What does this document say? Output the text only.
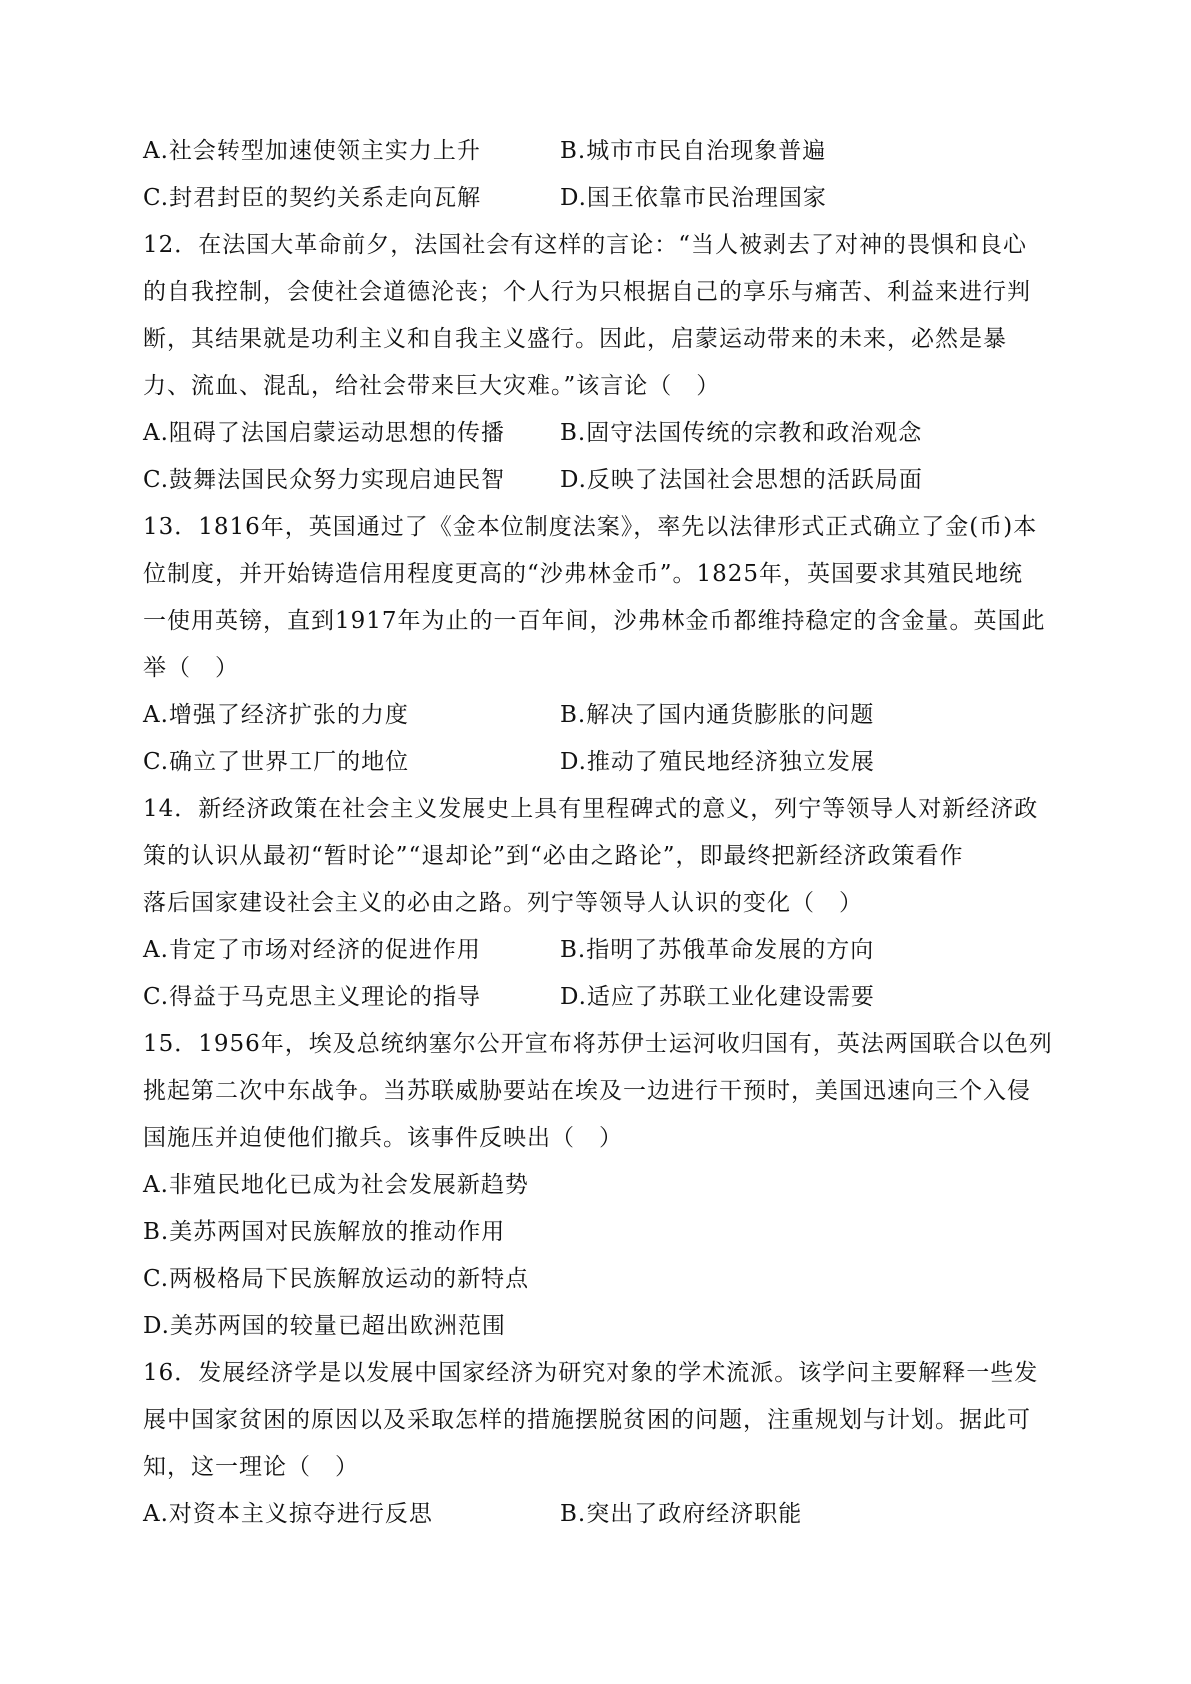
A.社会转型加速使领主实力上升	B.城市市民自治现象普遍
C.封君封臣的契约关系走向瓦解	D.国王依靠市民治理国家
12．在法国大革命前夕，法国社会有这样的言论：“当人被剥去了对神的畏惧和良心
的自我控制，会使社会道德沦丧；个人行为只根据自己的享乐与痛苦、利益来进行判
断，其结果就是功利主义和自我主义盛行。因此，启蒙运动带来的未来，必然是暴
力、流血、混乱，给社会带来巨大灾难。”该言论（　）
A.阻碍了法国启蒙运动思想的传播	B.固守法国传统的宗教和政治观念
C.鼓舞法国民众努力实现启迪民智	D.反映了法国社会思想的活跃局面
13．1816年，英国通过了《金本位制度法案》，率先以法律形式正式确立了金(币)本
位制度，并开始铸造信用程度更高的“沙弗林金币”。1825年，英国要求其殖民地统
一使用英镑，直到1917年为止的一百年间，沙弗林金币都维持稳定的含金量。英国此
举（　）
A.增强了经济扩张的力度	B.解决了国内通货膨胀的问题
C.确立了世界工厂的地位	D.推动了殖民地经济独立发展
14．新经济政策在社会主义发展史上具有里程碑式的意义，列宁等领导人对新经济政
策的认识从最初“暂时论”“退却论”到“必由之路论”，即最终把新经济政策看作
落后国家建设社会主义的必由之路。列宁等领导人认识的变化（　）
A.肯定了市场对经济的促进作用	B.指明了苏俄革命发展的方向
C.得益于马克思主义理论的指导	D.适应了苏联工业化建设需要
15．1956年，埃及总统纳塞尔公开宣布将苏伊士运河收归国有，英法两国联合以色列
挑起第二次中东战争。当苏联威胁要站在埃及一边进行干预时，美国迅速向三个入侵
国施压并迫使他们撤兵。该事件反映出（　）
A.非殖民地化已成为社会发展新趋势
B.美苏两国对民族解放的推动作用
C.两极格局下民族解放运动的新特点
D.美苏两国的较量已超出欧洲范围
16．发展经济学是以发展中国家经济为研究对象的学术流派。该学问主要解释一些发
展中国家贫困的原因以及采取怎样的措施摆脱贫困的问题，注重规划与计划。据此可
知，这一理论（　）
A.对资本主义掠夺进行反思	B.突出了政府经济职能
